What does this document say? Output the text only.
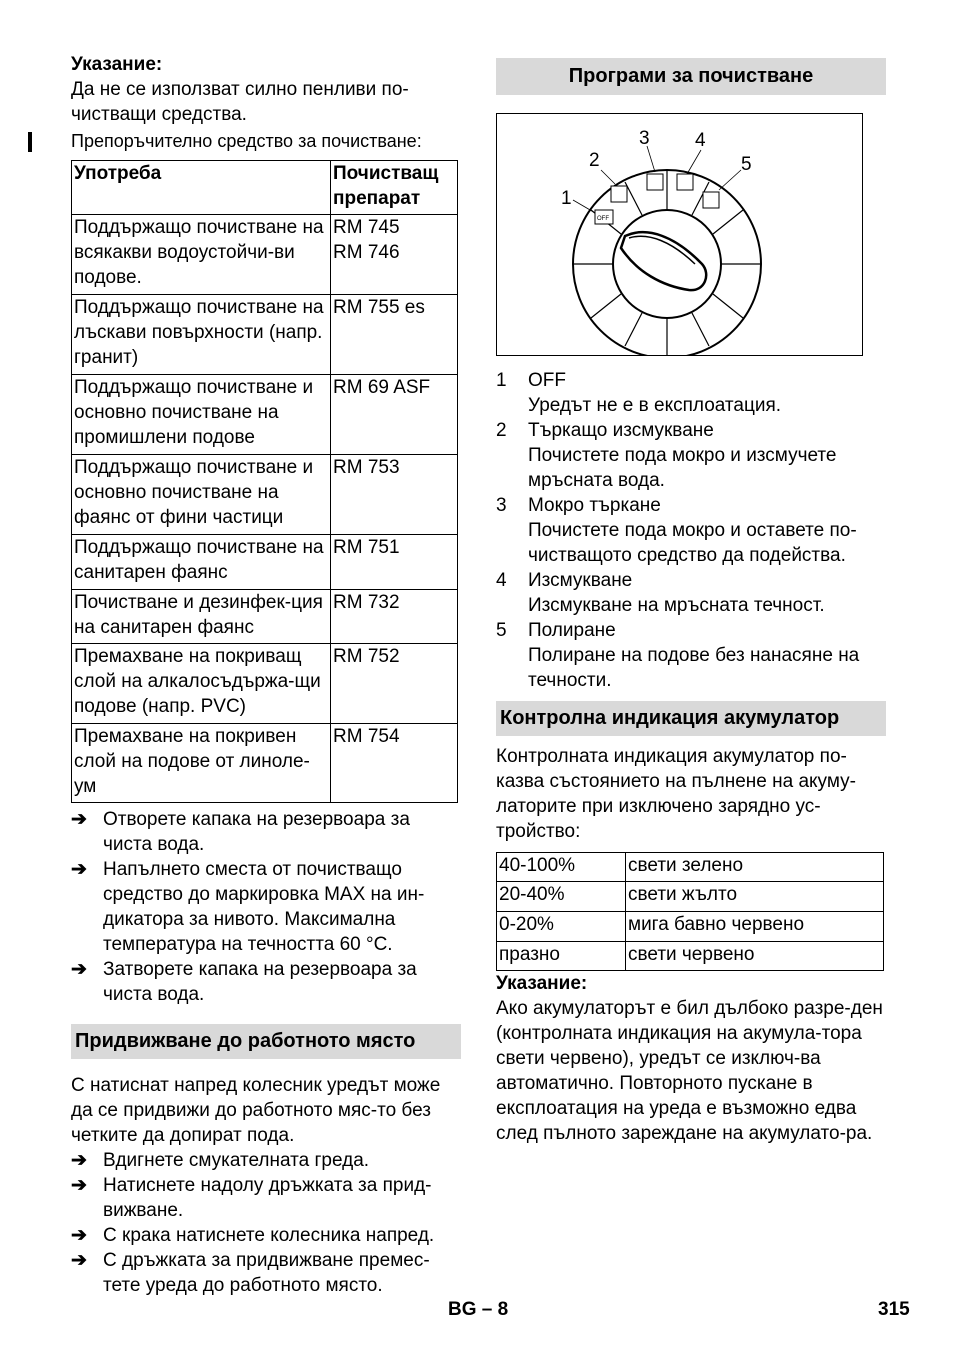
Указание:

Да не се използват силно пенливи по-

чистващи средства.

Препоръчително средство за почистване:

Употреба	Почистващ препарат
Поддържащо почистване на всякакви водоустойчи-ви подове.	RM 745
RM 746
Поддържащо почистване на лъскави повърхности (напр. гранит)	RM 755 es
Поддържащо почистване и основно почистване на промишлени подове	RM 69 ASF
Поддържащо почистване и основно почистване на фаянс от фини частици	RM 753
Поддържащо почистване на санитарен фаянс	RM 751
Почистване и дезинфек-ция на санитарен фаянс	RM 732
Премахване на покриващ слой на алкалосъдържа-щи подове (напр. PVC)	RM 752
Премахване на покривен слой на подове от линоле-ум	RM 754
➔ Отворете капака на резервоара за чиста вода.
➔ Напълнето сместа от почистващо средство до маркировка MAX на ин-дикатора за нивото. Максимална температура на течността 60 °C.
➔ Затворете капака на резервоара за чиста вода.
Придвижване до работното място

С натиснат напред колесник уредът може да се придвижи до работното мяс-то без четките да допират пода.

➔ Вдигнете смукателната греда.
➔ Натиснете надолу дръжката за прид-вижване.
➔ С крака натиснете колесника напред.
➔ С дръжката за придвижване премес-тете уреда до работното място.
Програми за почистване
OFF
1
2
3 4
5
1 OFF
Уредът не е в експлоатация.
2 Търкащо изсмукване
Почистете пода мокро и изсмучете мръсната вода.
3 Мокро търкане
Почистете пода мокро и оставете по-чистващото средство да подейства.
4 Изсмукване
Изсмукване на мръсната течност.
5 Полиране
Полиране на подове без нанасяне на течности.
Контролна индикация акумулатор

Контролната индикация акумулатор по-казва състоянието на пълнене на акуму-латорите при изключено зарядно ус-тройство:

40-100%	свети зелено
20-40%	свети жълто
0-20%	мига бавно червено
празно	свети червено

Указание:

Ако акумулаторът е бил дълбоко разре-ден (контролната индикация на акумула-тора свети червено), уредът се изключ-ва автоматично. Повторното пускане в експлоатация на уреда е възможно едва след пълното зареждане на акумулато-ра.

BG – 8	315
